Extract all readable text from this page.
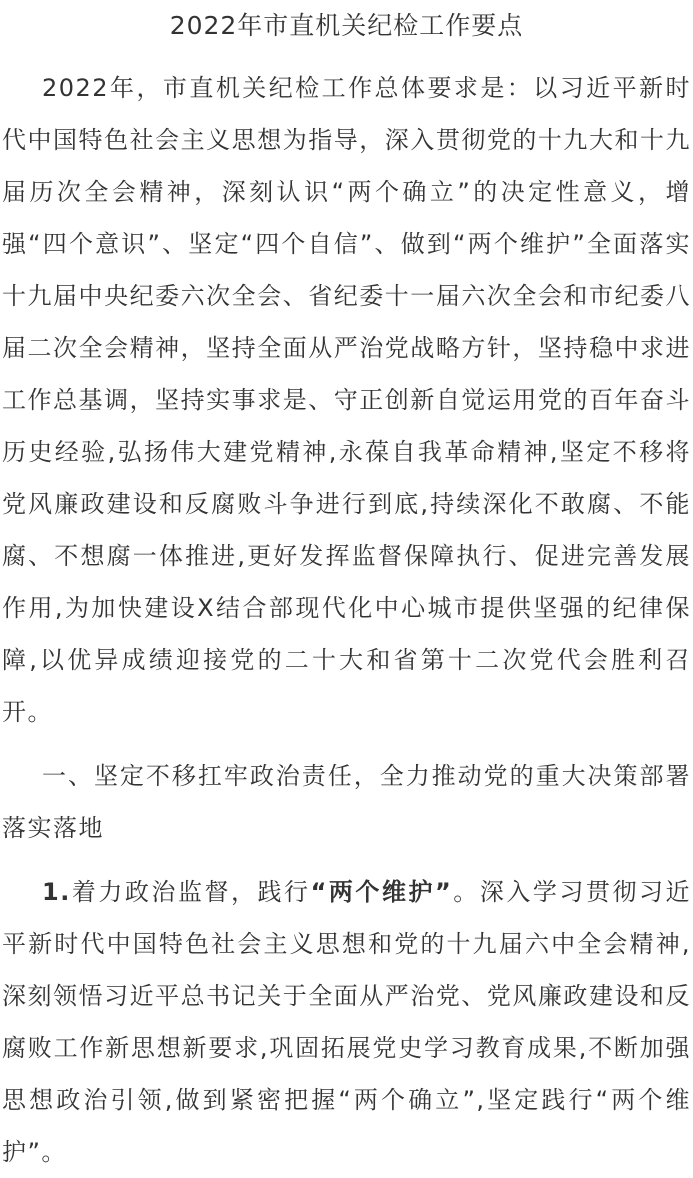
2022年市直机关纪检工作要点

2022年，市直机关纪检工作总体要求是：以习近平新时代中国特色社会主义思想为指导，深入贯彻党的十九大和十九届历次全会精神，深刻认识“两个确立”的决定性意义，增强“四个意识”、坚定“四个自信”、做到“两个维护”全面落实十九届中央纪委六次全会、省纪委十一届六次全会和市纪委八届二次全会精神，坚持全面从严治党战略方针，坚持稳中求进工作总基调，坚持实事求是、守正创新自觉运用党的百年奋斗历史经验,弘扬伟大建党精神,永葆自我革命精神,坚定不移将党风廉政建设和反腐败斗争进行到底,持续深化不敢腐、不能腐、不想腐一体推进,更好发挥监督保障执行、促进完善发展作用,为加快建设X结合部现代化中心城市提供坚强的纪律保障,以优异成绩迎接党的二十大和省第十二次党代会胜利召开。

一、坚定不移扛牢政治责任，全力推动党的重大决策部署落实落地

1.着力政治监督，践行“两个维护”。深入学习贯彻习近平新时代中国特色社会主义思想和党的十九届六中全会精神,深刻领悟习近平总书记关于全面从严治党、党风廉政建设和反腐败工作新思想新要求,巩固拓展党史学习教育成果,不断加强思想政治引领,做到紧密把握“两个确立”,坚定践行“两个维护”。
